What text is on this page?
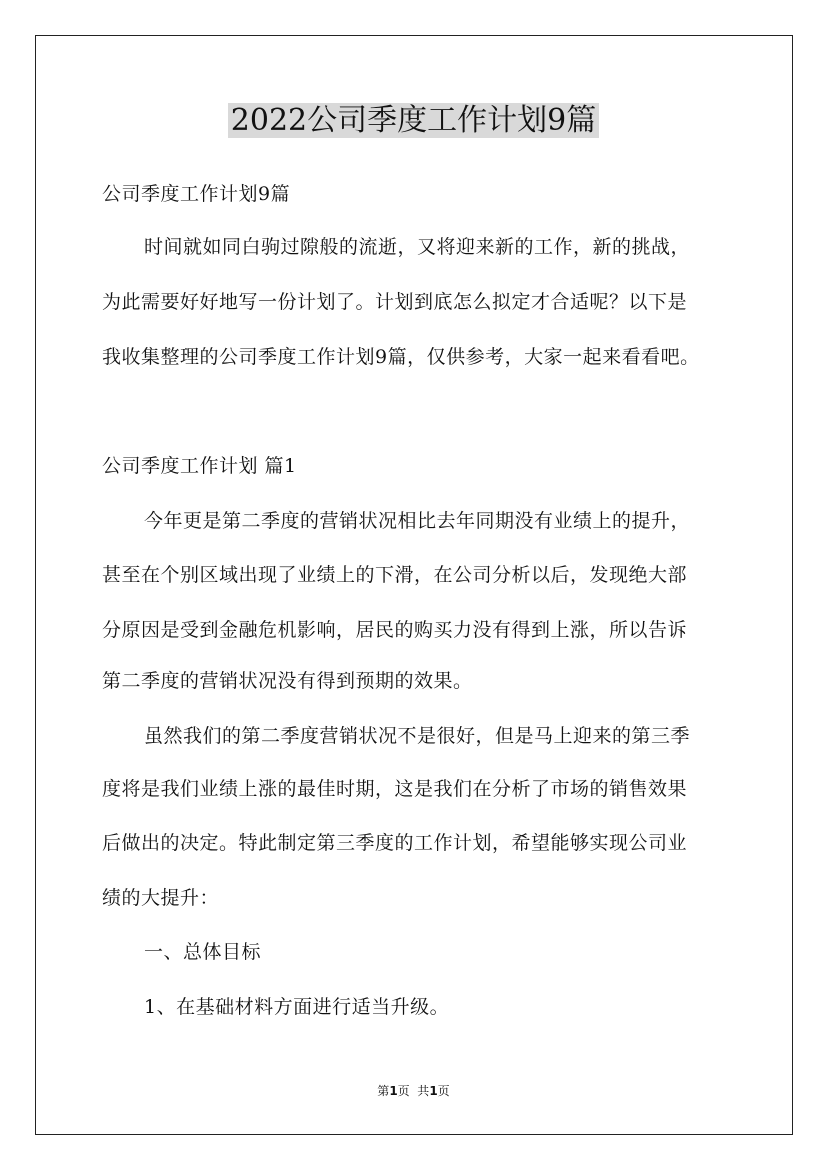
2022公司季度工作计划9篇
公司季度工作计划9篇
时间就如同白驹过隙般的流逝，又将迎来新的工作，新的挑战，
为此需要好好地写一份计划了。计划到底怎么拟定才合适呢？以下是
我收集整理的公司季度工作计划9篇，仅供参考，大家一起来看看吧。
公司季度工作计划 篇1
今年更是第二季度的营销状况相比去年同期没有业绩上的提升，
甚至在个别区域出现了业绩上的下滑，在公司分析以后，发现绝大部
分原因是受到金融危机影响，居民的购买力没有得到上涨，所以告诉
第二季度的营销状况没有得到预期的效果。
虽然我们的第二季度营销状况不是很好，但是马上迎来的第三季
度将是我们业绩上涨的最佳时期，这是我们在分析了市场的销售效果
后做出的决定。特此制定第三季度的工作计划，希望能够实现公司业
绩的大提升：
一、总体目标
1、在基础材料方面进行适当升级。
第1页  共1页
